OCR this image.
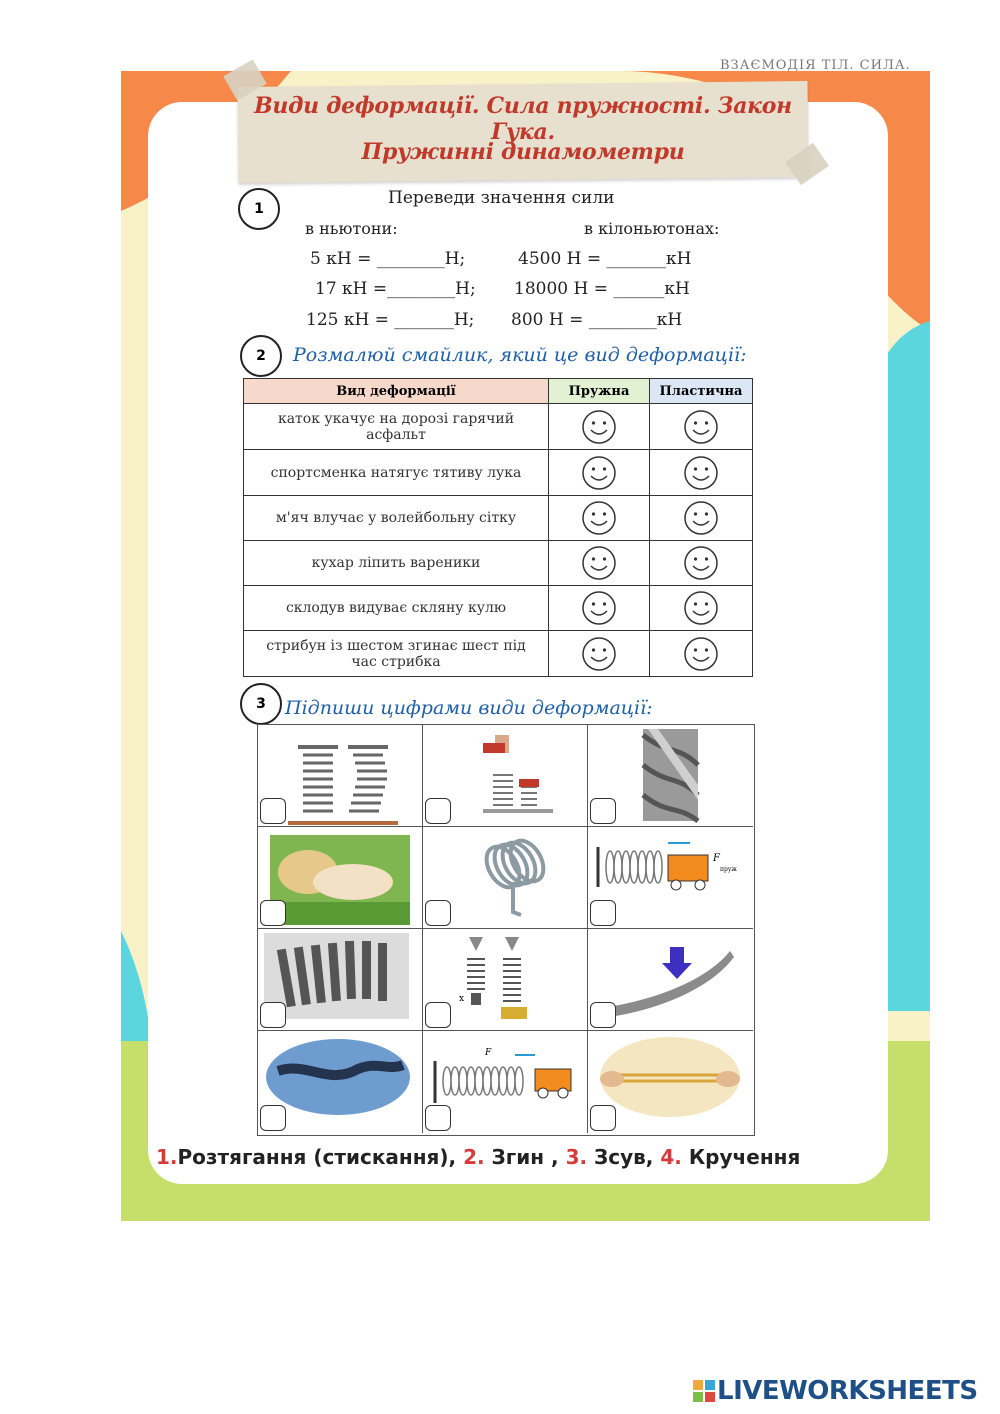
ВЗАЄМОДІЯ ТІЛ. СИЛА.
Види деформації. Сила пружності. Закон Гука.
Пружинні динамометри
1
Переведи значення сили
в ньютони:	в кілоньютонах:
5 кН = ________Н;
17 кН =________Н;
125 кН = _______Н;
4500 Н = _______кН
18000 Н = ______кН
800 Н = ________кН
2	Розмалюй смайлик, який це вид деформації:
Вид деформації	Пружна	Пластична
каток укачує на дорозі гарячий
асфальт		
спортсменка натягує тятиву лука		
м'яч влучає у волейбольну сітку		
кухар ліпить вареники		
склодув видуває скляну кулю		
стрибун із шестом згинає шест під
час стрибка		
3	Підпиши цифрами види деформації:
F
пруж
x
F
1.Розтягання (стискання), 2. Згин , 3. Зсув, 4. Кручення
LIVEWORKSHEETS
